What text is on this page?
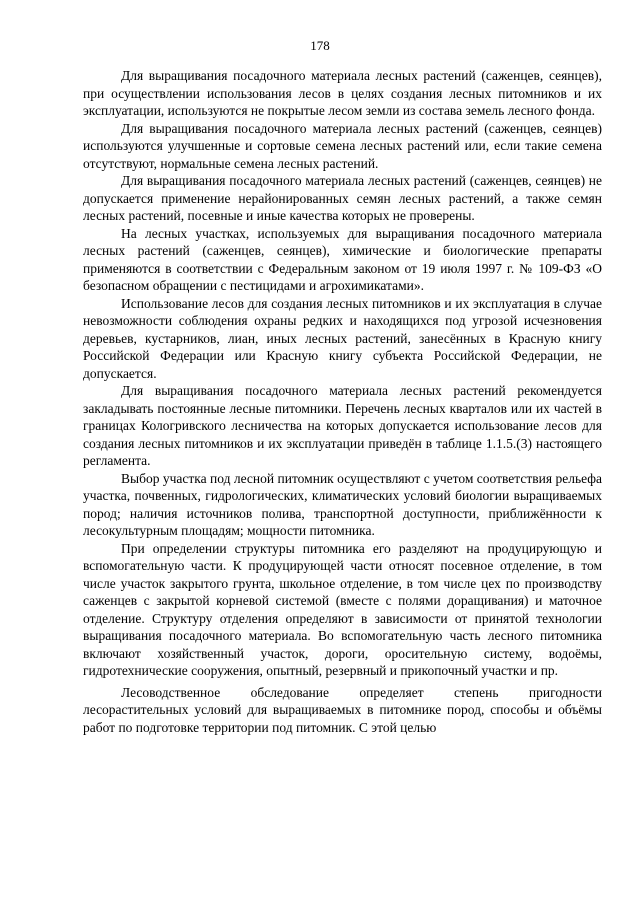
178

Для выращивания посадочного материала лесных растений (саженцев, сеянцев), при осуществлении использования лесов в целях создания лесных питомников и их эксплуатации, используются не покрытые лесом земли из состава земель лесного фонда.

Для выращивания посадочного материала лесных растений (саженцев, сеянцев) используются улучшенные и сортовые семена лесных растений или, если такие семена отсутствуют, нормальные семена лесных растений.

Для выращивания посадочного материала лесных растений (саженцев, сеянцев) не допускается применение нерайонированных семян лесных растений, а также семян лесных растений, посевные и иные качества которых не проверены.

На лесных участках, используемых для выращивания посадочного материала лесных растений (саженцев, сеянцев), химические и биологические препараты применяются в соответствии с Федеральным законом от 19 июля 1997 г. № 109-ФЗ «О безопасном обращении с пестицидами и агрохимикатами».

Использование лесов для создания лесных питомников и их эксплуатация в случае невозможности соблюдения охраны редких и находящихся под угрозой исчезновения деревьев, кустарников, лиан, иных лесных растений, занесённых в Красную книгу Российской Федерации или Красную книгу субъекта Российской Федерации, не допускается.

Для выращивания посадочного материала лесных растений рекомендуется закладывать постоянные лесные питомники. Перечень лесных кварталов или их частей в границах Кологривского лесничества на которых допускается использование лесов для создания лесных питомников и их эксплуатации приведён в таблице 1.1.5.(3) настоящего регламента.

Выбор участка под лесной питомник осуществляют с учетом соответствия рельефа участка, почвенных, гидрологических, климатических условий биологии выращиваемых пород; наличия источников полива, транспортной доступности, приближённости к лесокультурным площадям; мощности питомника.

При определении структуры питомника его разделяют на продуцирующую и вспомогательную части. К продуцирующей части относят посевное отделение, в том числе участок закрытого грунта, школьное отделение, в том числе цех по производству саженцев с закрытой корневой системой (вместе с полями доращивания) и маточное отделение. Структуру отделения определяют в зависимости от принятой технологии выращивания посадочного материала. Во вспомогательную часть лесного питомника включают хозяйственный участок, дороги, оросительную систему, водоёмы, гидротехнические сооружения, опытный, резервный и прикопочный участки и пр.

Лесоводственное обследование определяет степень пригодности лесорастительных условий для выращиваемых в питомнике пород, способы и объёмы работ по подготовке территории под питомник. С этой целью
